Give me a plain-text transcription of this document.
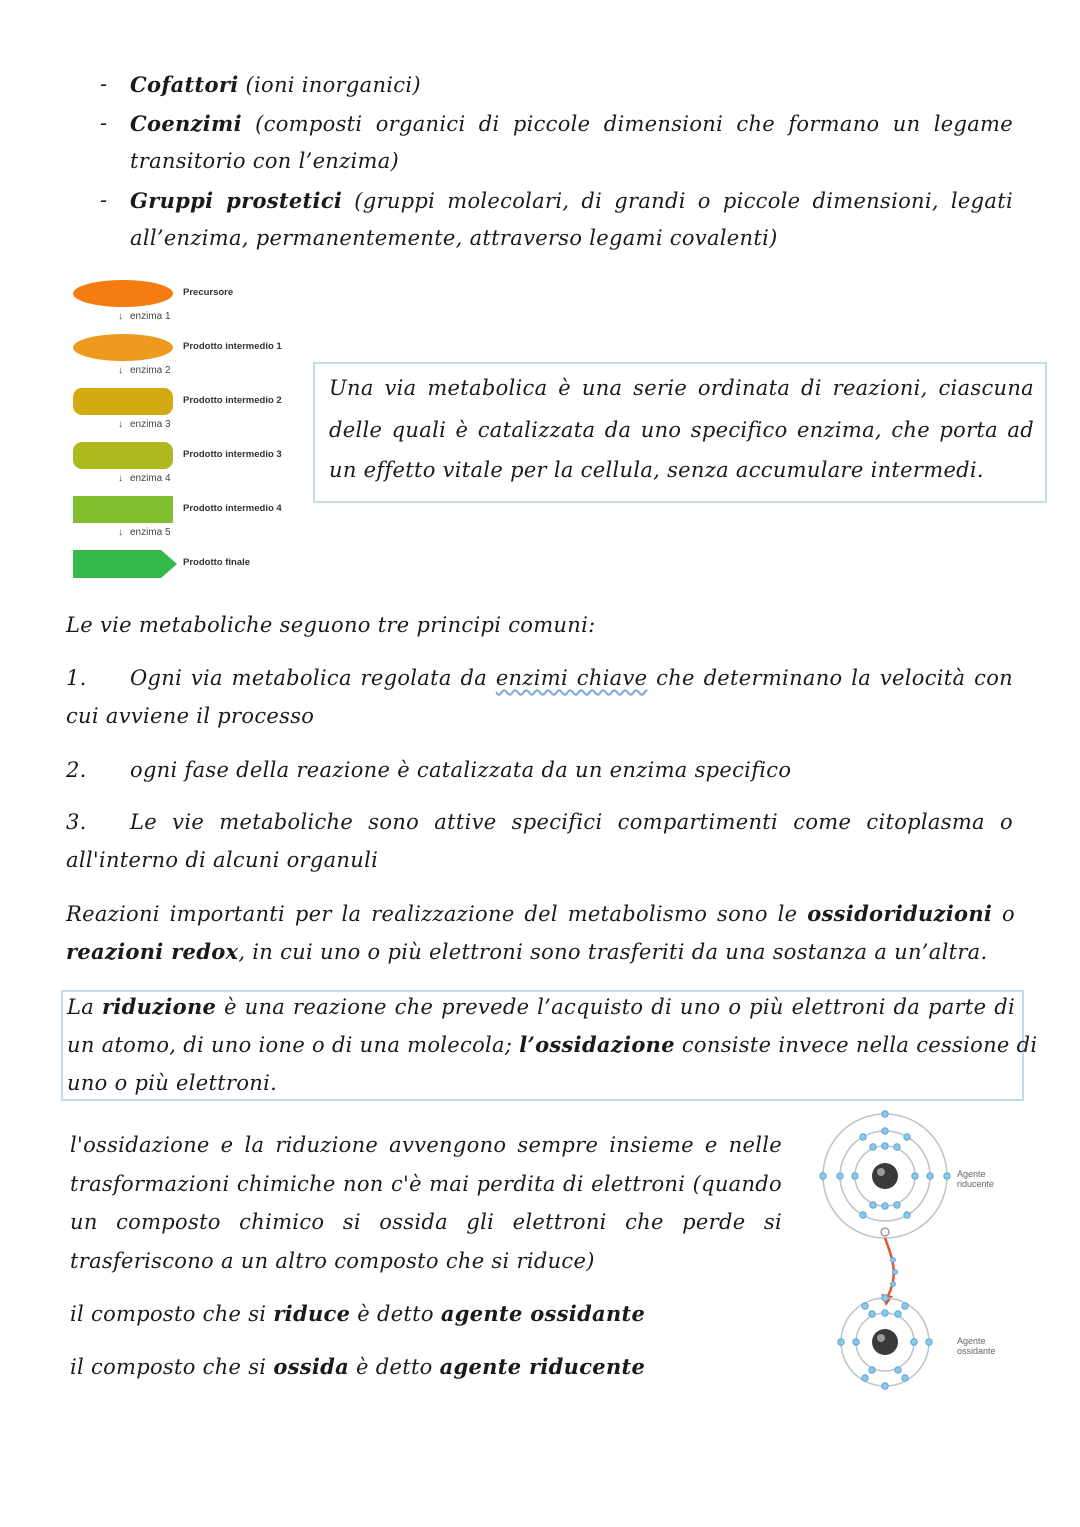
- Cofattori (ioni inorganici)
- Coenzimi (composti organici di piccole dimensioni che formano un legame
transitorio con l’enzima)
- Gruppi prostetici (gruppi molecolari, di grandi o piccole dimensioni, legati
all’enzima, permanentemente, attraverso legami covalenti)
Precursore
↓ enzima 1
Prodotto intermedio 1
↓ enzima 2
Prodotto intermedio 2
↓ enzima 3
Prodotto intermedio 3
↓ enzima 4
Prodotto intermedio 4
↓ enzima 5
Prodotto finale
Una via metabolica è una serie ordinata di reazioni, ciascuna
delle quali è catalizzata da uno specifico enzima, che porta ad
un effetto vitale per la cellula, senza accumulare intermedi.
Le vie metaboliche seguono tre principi comuni:
1. Ogni via metabolica regolata da enzimi chiave che determinano la velocità con
cui avviene il processo
2. ogni fase della reazione è catalizzata da un enzima specifico
3. Le vie metaboliche sono attive specifici compartimenti come citoplasma o
all'interno di alcuni organuli
Reazioni importanti per la realizzazione del metabolismo sono le ossidoriduzioni o
reazioni redox, in cui uno o più elettroni sono trasferiti da una sostanza a un’altra.
La riduzione è una reazione che prevede l’acquisto di uno o più elettroni da parte di
un atomo, di uno ione o di una molecola; l’ossidazione consiste invece nella cessione di
uno o più elettroni.
l'ossidazione e la riduzione avvengono sempre insieme e nelle
trasformazioni chimiche non c'è mai perdita di elettroni (quando
un composto chimico si ossida gli elettroni che perde si
trasferiscono a un altro composto che si riduce)
il composto che si riduce è detto agente ossidante
il composto che si ossida è detto agente riducente
Agente
riducente
Agente
ossidante
